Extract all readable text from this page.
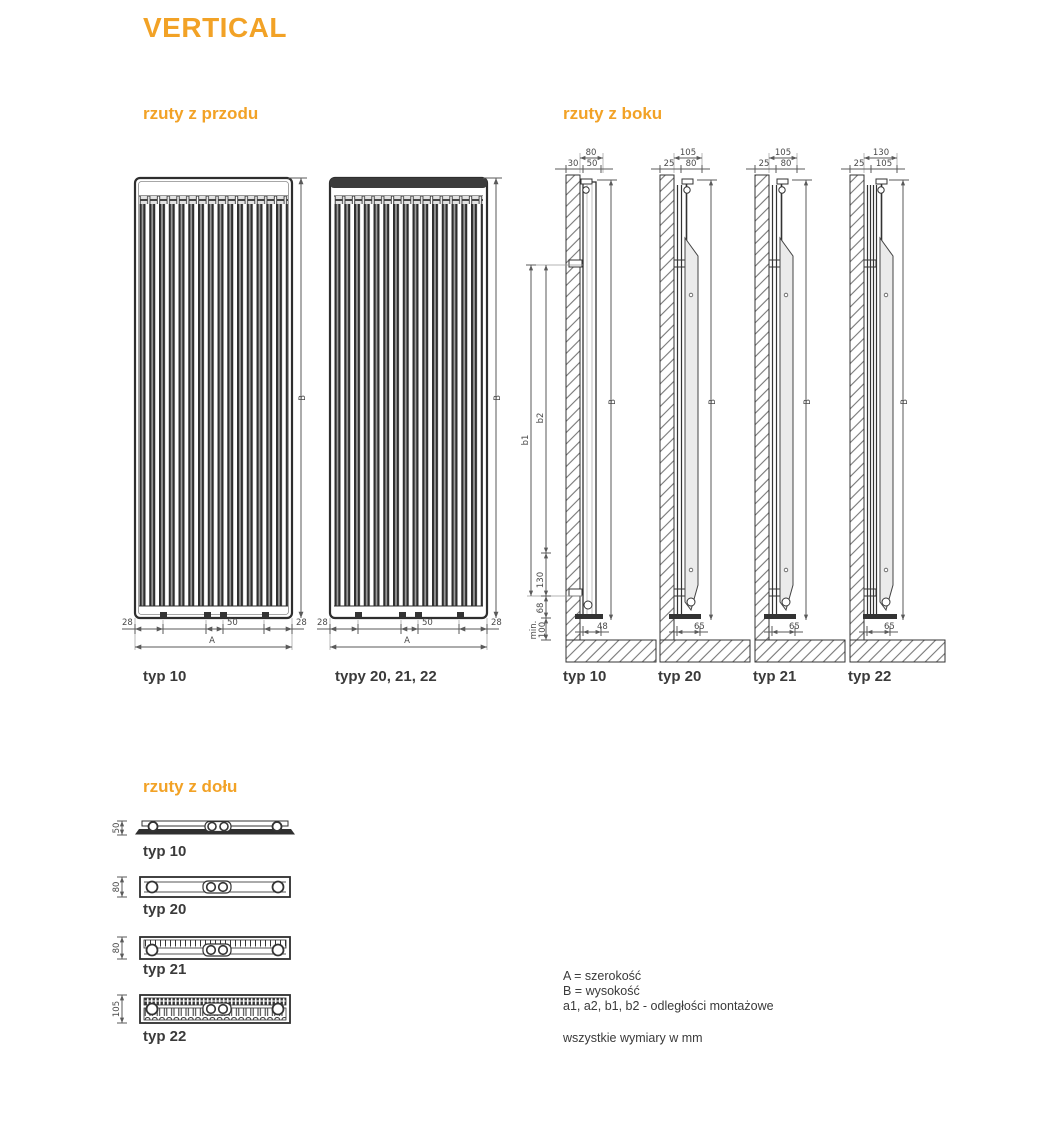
VERTICAL
rzuty z przodu	rzuty z boku
rzuty z dołu
B
28	50	28
A
B
28	50	28
A
typ 10	typy 20, 21, 22
80
30 50
B
b1
b2
130
68
min. 100	48
105
25 80
B
65
105
25 80
B
65
130
25 105
B
65
typ 10	typ 20	typ 21	typ 22
50
80
80
105
typ 10
typ 20
typ 21
typ 22
A = szerokość
B = wysokość
a1, a2, b1, b2 - odległości montażowe
wszystkie wymiary w mm
